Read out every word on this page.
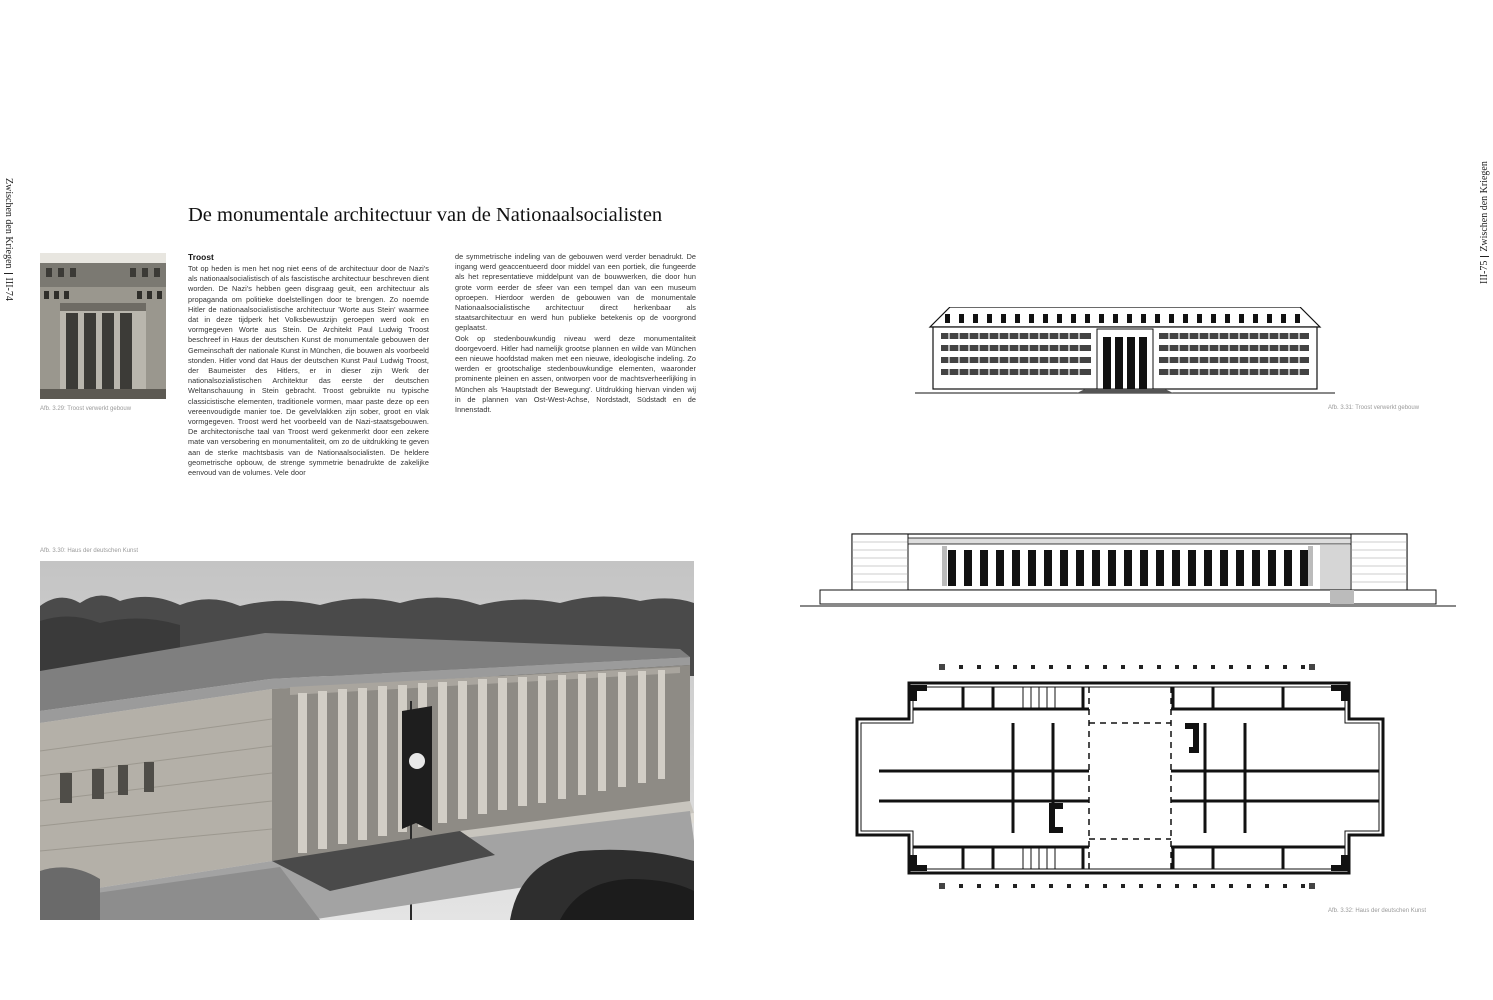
Zwischen den KriegenIII-74
III-75Zwischen den Kriegen
De monumentale architectuur van de Nationaalsocialisten
Afb. 3.29: Troost verwerkt gebouw
Troost

Tot op heden is men het nog niet eens of de architectuur door de Nazi's als nationaalsocialistisch of als fascistische architectuur beschreven dient worden. De Nazi's hebben geen disgraag geuit, een architectuur als propaganda om politieke doelstellingen door te brengen. Zo noemde Hitler de nationaalsocialistische architectuur 'Worte aus Stein' waarmee dat in deze tijdperk het Volksbewustzijn geroepen werd ook en vormgegeven Worte aus Stein. De Architekt Paul Ludwig Troost beschreef in Haus der deutschen Kunst de monumentale gebouwen der Gemeinschaft der nationale Kunst in München, die bouwen als voorbeeld stonden. Hitler vond dat Haus der deutschen Kunst Paul Ludwig Troost, der Baumeister des Hitlers, er in dieser zijn Werk der nationalsozialistischen Architektur das eerste der deutschen Weltanschauung in Stein gebracht. Troost gebruikte nu typische classicistische elementen, traditionele vormen, maar paste deze op een vereenvoudigde manier toe. De gevelvlakken zijn sober, groot en vlak vormgegeven. Troost werd het voorbeeld van de Nazi-staatsgebouwen. De architectonische taal van Troost werd gekenmerkt door een zekere mate van versobering en monumentaliteit, om zo de uitdrukking te geven aan de sterke machtsbasis van de Nationaalsocialisten. De heldere geometrische opbouw, de strenge symmetrie benadrukte de zakelijke eenvoud van de volumes. Vele door

de symmetrische indeling van de gebouwen werd verder benadrukt. De ingang werd geaccentueerd door middel van een portiek, die fungeerde als het representatieve middelpunt van de bouwwerken, die door hun grote vorm eerder de sfeer van een tempel dan van een museum oproepen. Hierdoor werden de gebouwen van de monumentale Nationaalsocialistische architectuur direct herkenbaar als staatsarchitectuur en werd hun publieke betekenis op de voorgrond geplaatst.

Ook op stedenbouwkundig niveau werd deze monumentaliteit doorgevoerd. Hitler had namelijk grootse plannen en wilde van München een nieuwe hoofdstad maken met een nieuwe, ideologische indeling. Zo werden er grootschalige stedenbouwkundige elementen, waaronder prominente pleinen en assen, ontworpen voor de machtsverheerlijking in München als 'Hauptstadt der Bewegung'. Uitdrukking hiervan vinden wij in de plannen van Ost-West-Achse, Nordstadt, Südstadt en de Innenstadt.

Afb. 3.30: Haus der deutschen Kunst
Afb. 3.31: Troost verwerkt gebouw
Afb. 3.32: Haus der deutschen Kunst
